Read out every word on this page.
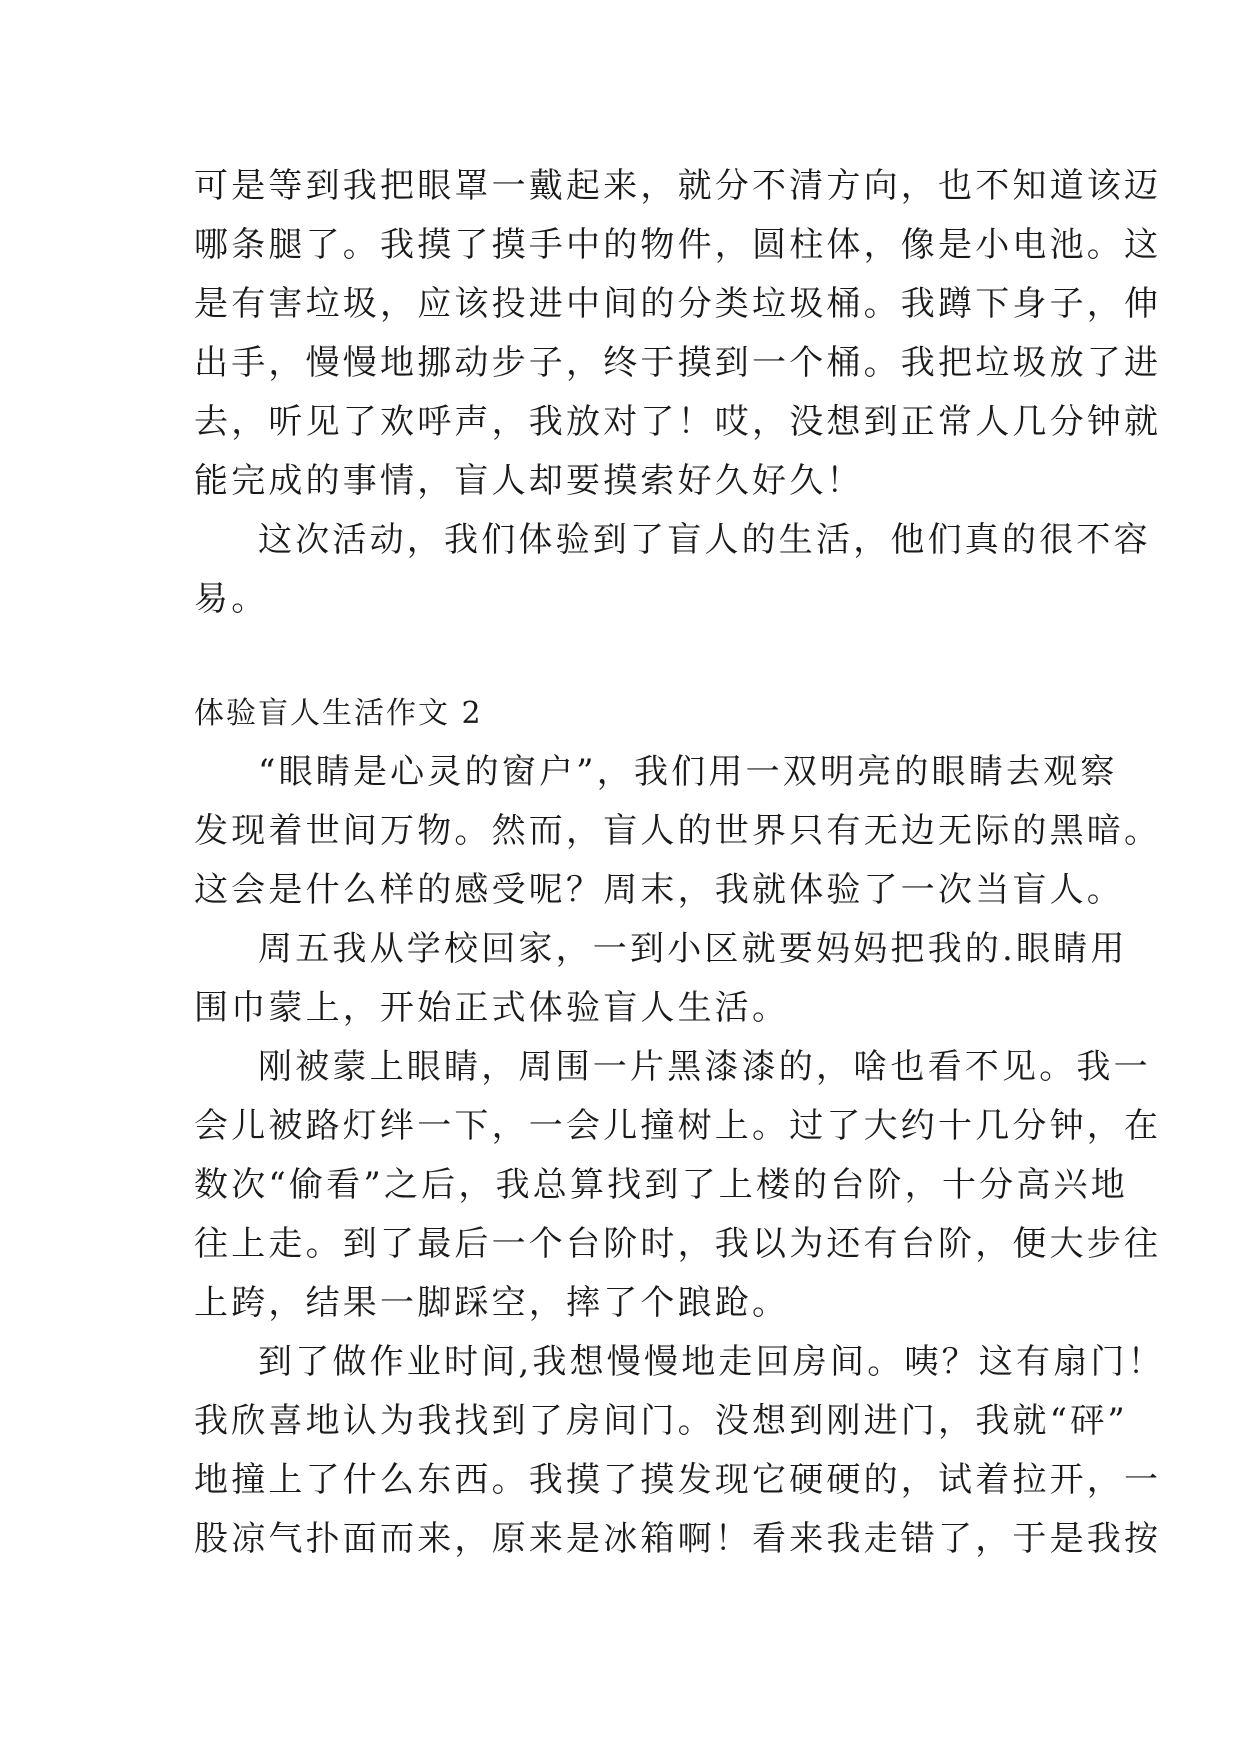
可是等到我把眼罩一戴起来，就分不清方向，也不知道该迈
哪条腿了。我摸了摸手中的物件，圆柱体，像是小电池。这
是有害垃圾，应该投进中间的分类垃圾桶。我蹲下身子，伸
出手，慢慢地挪动步子，终于摸到一个桶。我把垃圾放了进
去，听见了欢呼声，我放对了！哎，没想到正常人几分钟就
能完成的事情，盲人却要摸索好久好久！
这次活动，我们体验到了盲人的生活，他们真的很不容
易。
体验盲人生活作文 2
“眼睛是心灵的窗户”，我们用一双明亮的眼睛去观察
发现着世间万物。然而，盲人的世界只有无边无际的黑暗。
这会是什么样的感受呢？周末，我就体验了一次当盲人。
周五我从学校回家，一到小区就要妈妈把我的.眼睛用
围巾蒙上，开始正式体验盲人生活。
刚被蒙上眼睛，周围一片黑漆漆的，啥也看不见。我一
会儿被路灯绊一下，一会儿撞树上。过了大约十几分钟，在
数次“偷看”之后，我总算找到了上楼的台阶，十分高兴地
往上走。到了最后一个台阶时，我以为还有台阶，便大步往
上跨，结果一脚踩空，摔了个踉跄。
到了做作业时间,我想慢慢地走回房间。咦？这有扇门！
我欣喜地认为我找到了房间门。没想到刚进门，我就“砰”
地撞上了什么东西。我摸了摸发现它硬硬的，试着拉开，一
股凉气扑面而来，原来是冰箱啊！看来我走错了，于是我按
